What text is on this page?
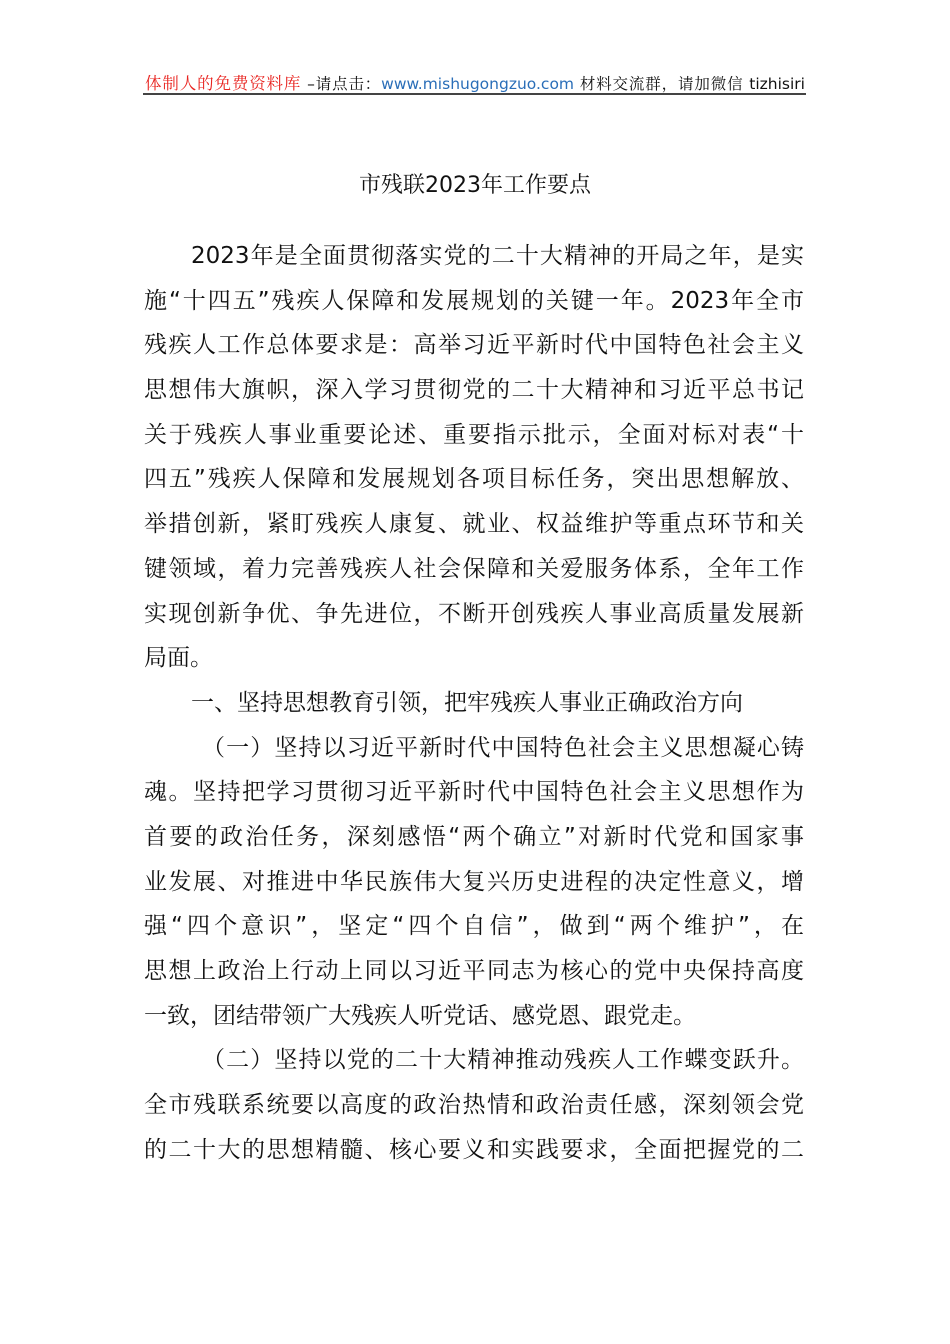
体制人的免费资料库 –请点击：www.mishugongzuo.com 材料交流群，请加微信 tizhisiri
市残联2023年工作要点
2023年是全面贯彻落实党的二十大精神的开局之年，是实
施“十四五”残疾人保障和发展规划的关键一年。2023年全市
残疾人工作总体要求是：高举习近平新时代中国特色社会主义
思想伟大旗帜，深入学习贯彻党的二十大精神和习近平总书记
关于残疾人事业重要论述、重要指示批示，全面对标对表“十
四五”残疾人保障和发展规划各项目标任务，突出思想解放、
举措创新，紧盯残疾人康复、就业、权益维护等重点环节和关
键领域，着力完善残疾人社会保障和关爱服务体系，全年工作
实现创新争优、争先进位，不断开创残疾人事业高质量发展新
局面。
一、坚持思想教育引领，把牢残疾人事业正确政治方向
（一）坚持以习近平新时代中国特色社会主义思想凝心铸
魂。坚持把学习贯彻习近平新时代中国特色社会主义思想作为
首要的政治任务，深刻感悟“两个确立”对新时代党和国家事
业发展、对推进中华民族伟大复兴历史进程的决定性意义，增
强“四个意识”，坚定“四个自信”，做到“两个维护”，在
思想上政治上行动上同以习近平同志为核心的党中央保持高度
一致，团结带领广大残疾人听党话、感党恩、跟党走。
（二）坚持以党的二十大精神推动残疾人工作蝶变跃升。
全市残联系统要以高度的政治热情和政治责任感，深刻领会党
的二十大的思想精髓、核心要义和实践要求，全面把握党的二
